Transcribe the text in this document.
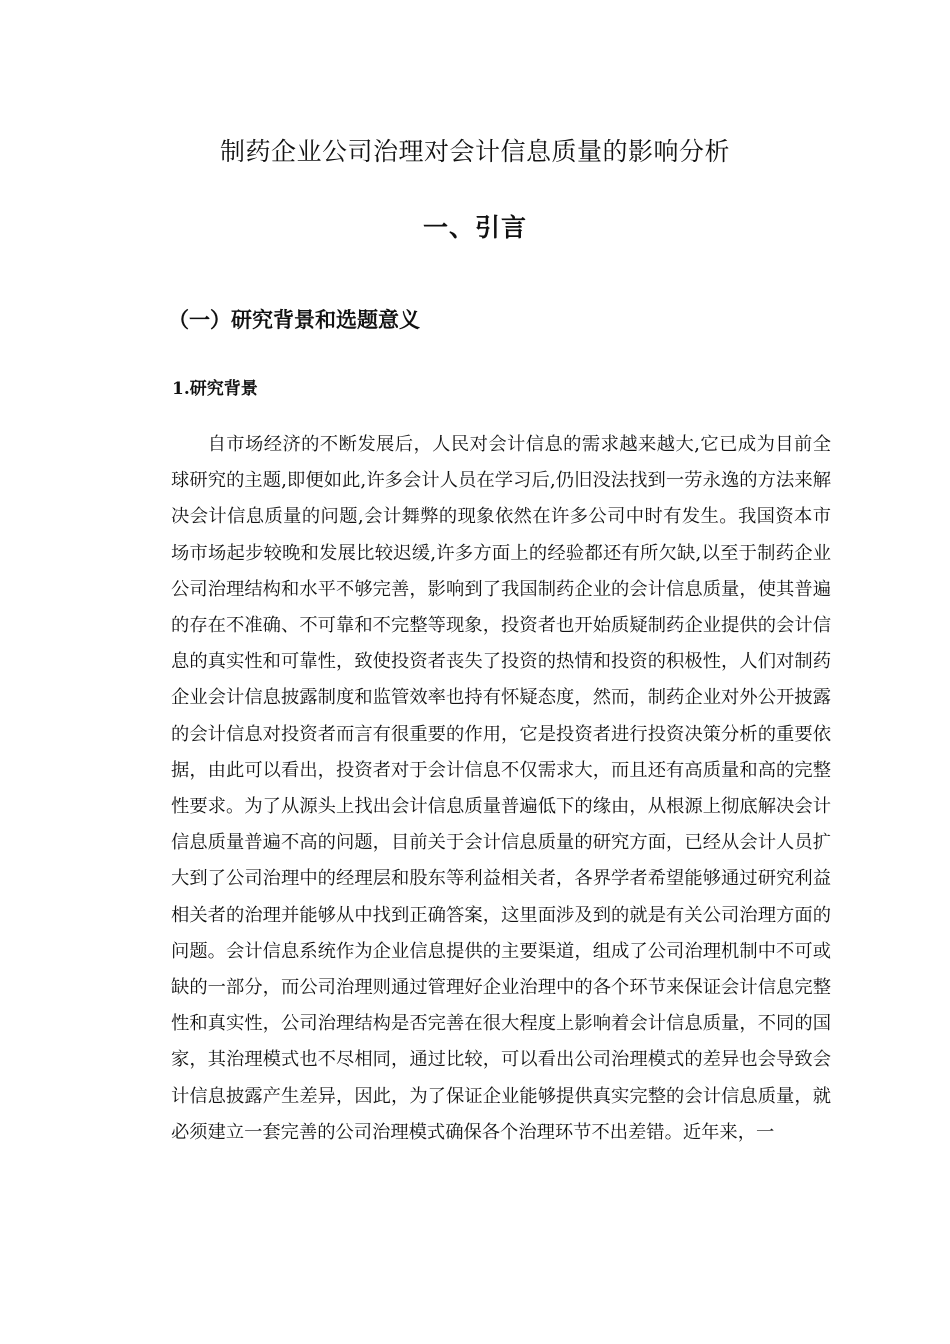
制药企业公司治理对会计信息质量的影响分析
一、引言
（一）研究背景和选题意义
1.研究背景

自市场经济的不断发展后，人民对会计信息的需求越来越大,它已成为目前全球研究的主题,即便如此,许多会计人员在学习后,仍旧没法找到一劳永逸的方法来解决会计信息质量的问题,会计舞弊的现象依然在许多公司中时有发生。我国资本市场市场起步较晚和发展比较迟缓,许多方面上的经验都还有所欠缺,以至于制药企业公司治理结构和水平不够完善，影响到了我国制药企业的会计信息质量，使其普遍的存在不准确、不可靠和不完整等现象，投资者也开始质疑制药企业提供的会计信息的真实性和可靠性，致使投资者丧失了投资的热情和投资的积极性，人们对制药企业会计信息披露制度和监管效率也持有怀疑态度，然而，制药企业对外公开披露的会计信息对投资者而言有很重要的作用，它是投资者进行投资决策分析的重要依据，由此可以看出，投资者对于会计信息不仅需求大，而且还有高质量和高的完整性要求。为了从源头上找出会计信息质量普遍低下的缘由，从根源上彻底解决会计信息质量普遍不高的问题，目前关于会计信息质量的研究方面，已经从会计人员扩大到了公司治理中的经理层和股东等利益相关者，各界学者希望能够通过研究利益相关者的治理并能够从中找到正确答案，这里面涉及到的就是有关公司治理方面的问题。会计信息系统作为企业信息提供的主要渠道，组成了公司治理机制中不可或缺的一部分，而公司治理则通过管理好企业治理中的各个环节来保证会计信息完整性和真实性，公司治理结构是否完善在很大程度上影响着会计信息质量，不同的国家，其治理模式也不尽相同，通过比较，可以看出公司治理模式的差异也会导致会计信息披露产生差异，因此，为了保证企业能够提供真实完整的会计信息质量，就必须建立一套完善的公司治理模式确保各个治理环节不出差错。近年来，一
